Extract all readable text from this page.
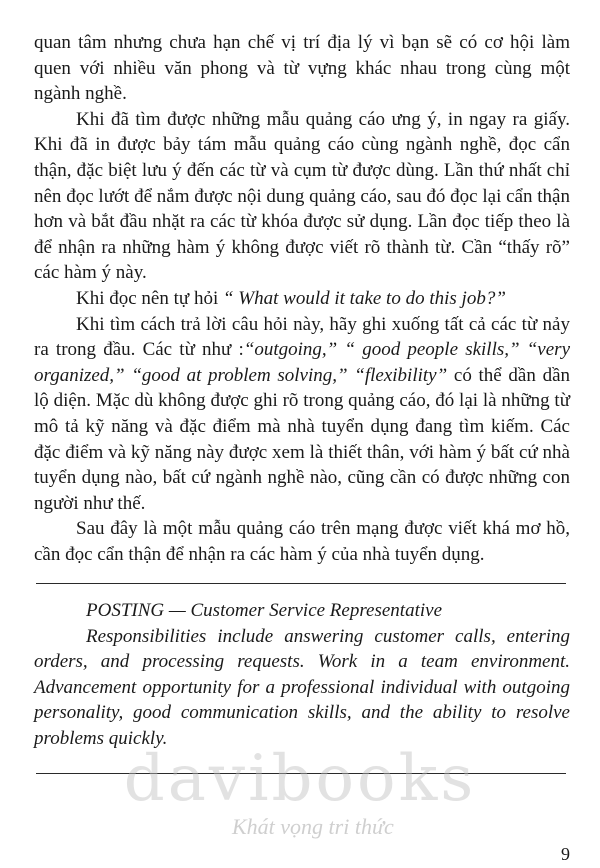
quan tâm nhưng chưa hạn chế vị trí địa lý vì bạn sẽ có cơ hội làm quen với nhiều văn phong và từ vựng khác nhau trong cùng một ngành nghề.

Khi đã tìm được những mẫu quảng cáo ưng ý, in ngay ra giấy. Khi đã in được bảy tám mẫu quảng cáo cùng ngành nghề, đọc cẩn thận, đặc biệt lưu ý đến các từ và cụm từ được dùng. Lần thứ nhất chỉ nên đọc lướt để nắm được nội dung quảng cáo, sau đó đọc lại cẩn thận hơn và bắt đầu nhặt ra các từ khóa được sử dụng. Lần đọc tiếp theo là để nhận ra những hàm ý không được viết rõ thành từ. Cần “thấy rõ” các hàm ý này.

Khi đọc nên tự hỏi “ What would it take to do this job?”

Khi tìm cách trả lời câu hỏi này, hãy ghi xuống tất cả các từ nảy ra trong đầu. Các từ như :“outgoing,” “ good people skills,” “very organized,” “good at problem solving,” “flexibility” có thể dần dần lộ diện. Mặc dù không được ghi rõ trong quảng cáo, đó lại là những từ mô tả kỹ năng và đặc điểm mà nhà tuyển dụng đang tìm kiếm. Các đặc điểm và kỹ năng này được xem là thiết thân, với hàm ý bất cứ nhà tuyển dụng nào, bất cứ ngành nghề nào, cũng cần có được những con người như thế.

Sau đây là một mẫu quảng cáo trên mạng được viết khá mơ hồ, cần đọc cẩn thận để nhận ra các hàm ý của nhà tuyển dụng.

POSTING — Customer Service Representative

Responsibilities include answering customer calls, entering orders, and processing requests. Work in a team environment. Advancement opportunity for a professional individual with outgoing personality, good communication skills, and the ability to resolve problems quickly.

davibooks
Khát vọng tri thức
9
